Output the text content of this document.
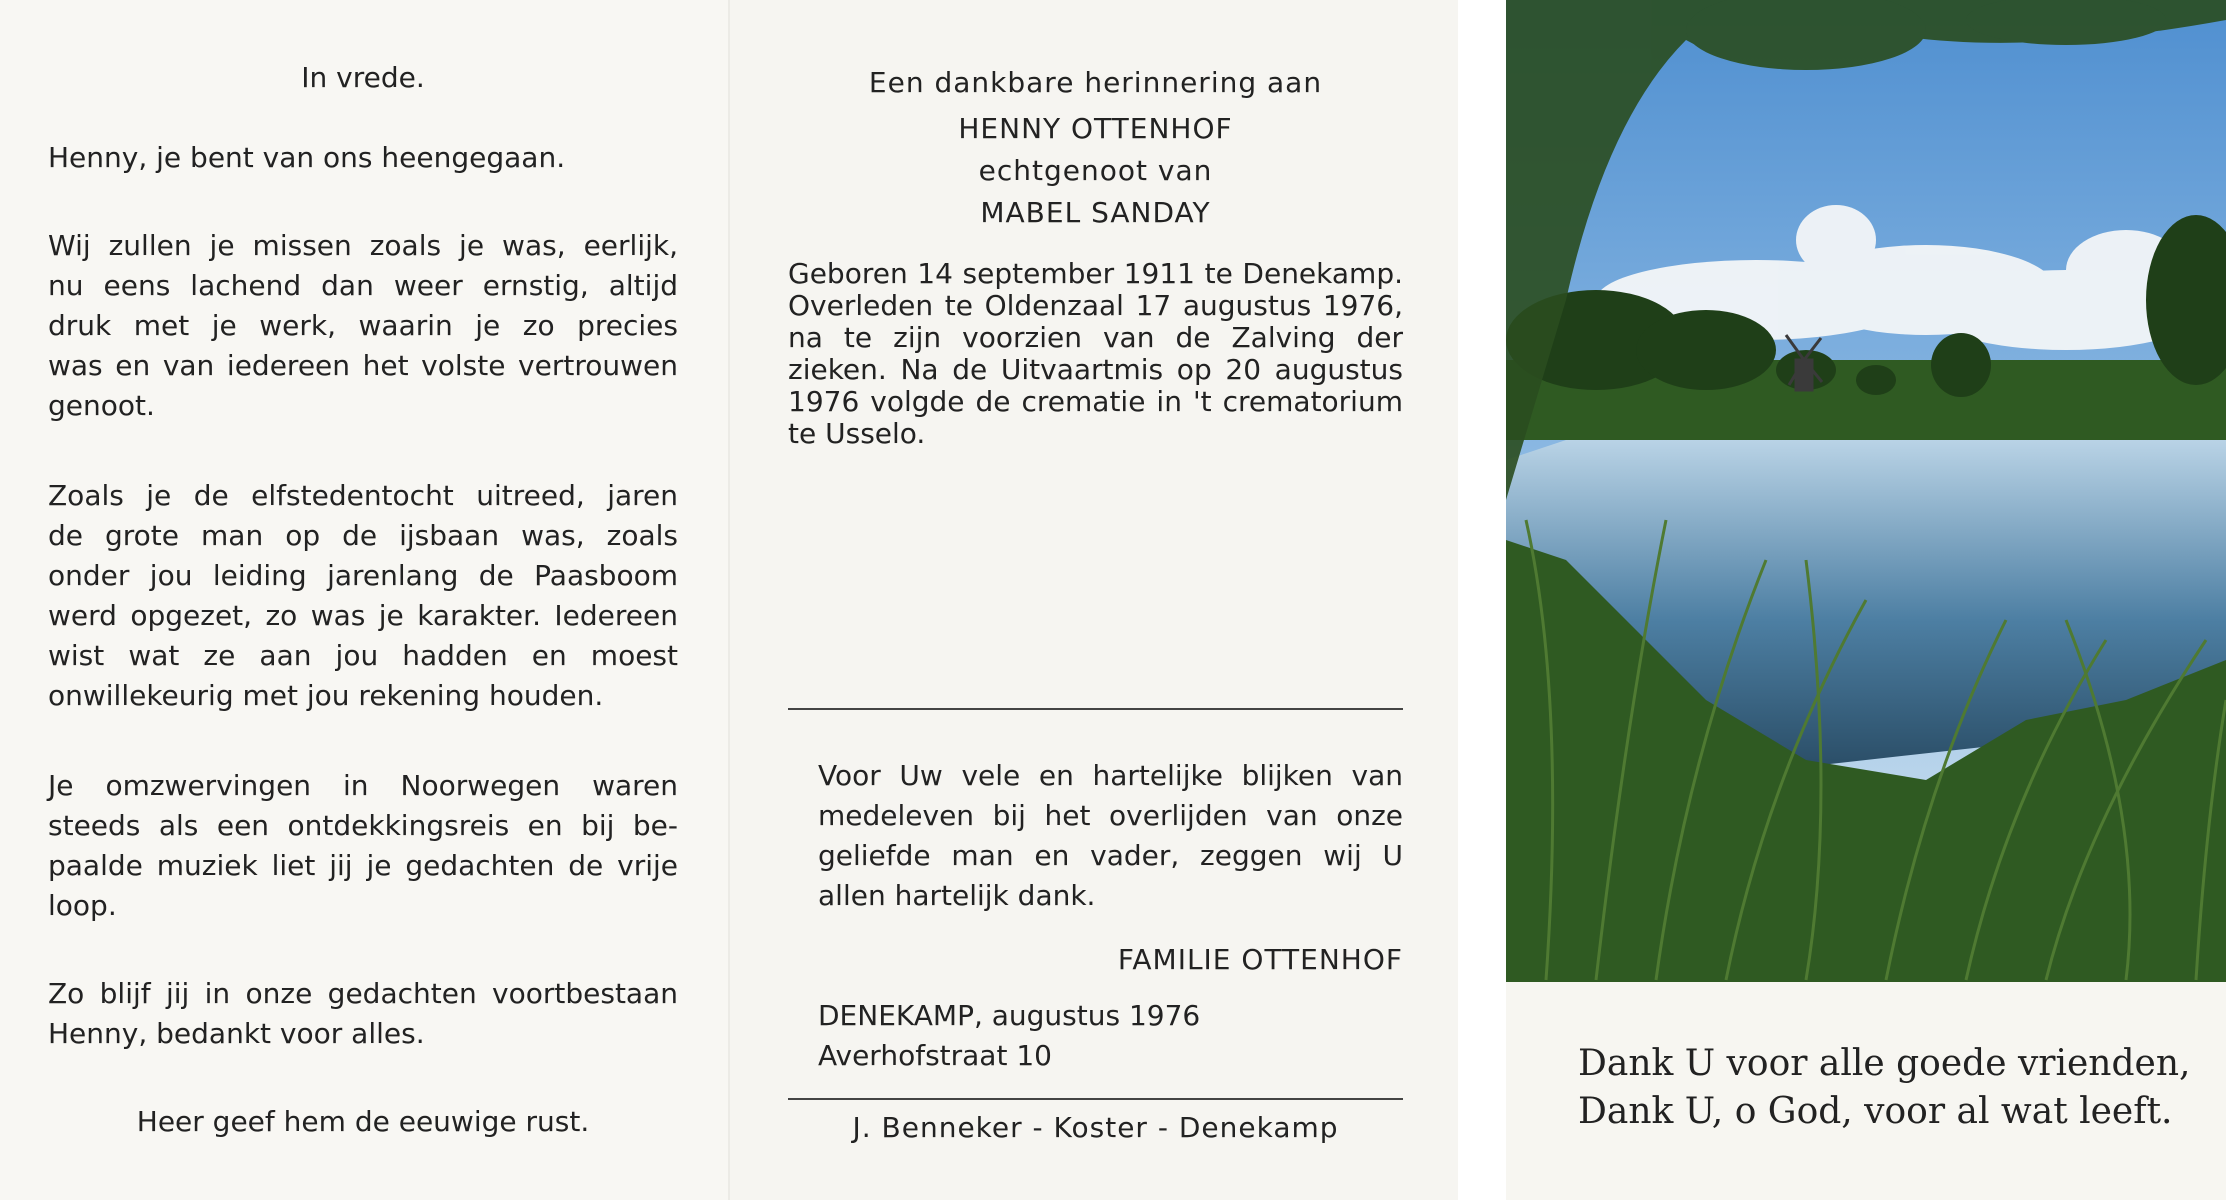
In vrede.

Henny, je bent van ons heengegaan.

Wij zullen je missen zoals je was, eerlijk,

nu eens lachend dan weer ernstig, altijd

druk met je werk, waarin je zo precies

was en van iedereen het volste vertrouwen

genoot.

Zoals je de elfstedentocht uitreed, jaren

de grote man op de ijsbaan was, zoals

onder jou leiding jarenlang de Paasboom

werd opgezet, zo was je karakter. Iedereen

wist wat ze aan jou hadden en moest

onwillekeurig met jou rekening houden.

Je omzwervingen in Noorwegen waren

steeds als een ontdekkingsreis en bij be-

paalde muziek liet jij je gedachten de vrije

loop.

Zo blijf jij in onze gedachten voortbestaan

Henny, bedankt voor alles.

Heer geef hem de eeuwige rust.

Een dankbare herinnering aan
HENNY OTTENHOF
echtgenoot van
MABEL SANDAY

Geboren 14 september 1911 te Denekamp.

Overleden te Oldenzaal 17 augustus 1976,

na te zijn voorzien van de Zalving der

zieken. Na de Uitvaartmis op 20 augustus

1976 volgde de crematie in 't crematorium

te Usselo.

Voor Uw vele en hartelijke blijken van

medeleven bij het overlijden van onze

geliefde man en vader, zeggen wij U

allen hartelijk dank.

FAMILIE OTTENHOF
DENEKAMP, augustus 1976
Averhofstraat 10
J. Benneker - Koster - Denekamp
Dank U voor alle goede vrienden,
Dank U, o God, voor al wat leeft.
